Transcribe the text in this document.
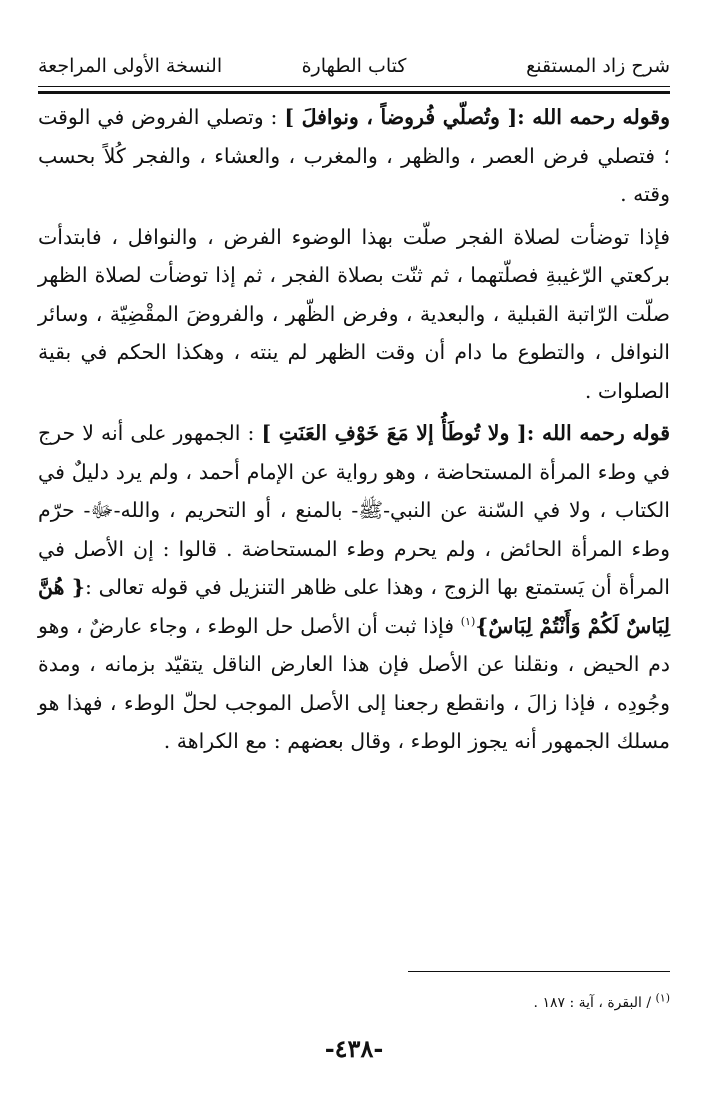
شرح زاد المستقنع
كتاب الطهارة
النسخة الأولى المراجعة

وقوله رحمه الله :[ وتُصلّي فُروضاً ، ونوافلَ ] : وتصلي الفروض في الوقت ؛ فتصلي فرض العصر ، والظهر ، والمغرب ، والعشاء ، والفجر كُلاً بحسب وقته .

فإذا توضأت لصلاة الفجر صلّت بهذا الوضوء الفرض ، والنوافل ، فابتدأت بركعتي الرّغيبةِ فصلّتهما ، ثم ثنّت بصلاة الفجر ، ثم إذا توضأت لصلاة الظهر صلّت الرّاتبة القبلية ، والبعدية ، وفرض الظّهر ، والفروضَ المقْضِيّة ، وسائر النوافل ، والتطوع ما دام أن وقت الظهر لم ينته ، وهكذا الحكم في بقية الصلوات .

قوله رحمه الله :[ ولا تُوطَأُ إلا مَعَ خَوْفِ العَنَتِ ] : الجمهور على أنه لا حرج في وطء المرأة المستحاضة ، وهو رواية عن الإمام أحمد ، ولم يرد دليلٌ في الكتاب ، ولا في السّنة عن النبي-ﷺ- بالمنع ، أو التحريم ، والله-ﷻ- حرّم وطء المرأة الحائض ، ولم يحرم وطء المستحاضة . قالوا : إن الأصل في المرأة أن يَستمتع بها الزوج ، وهذا على ظاهر التنزيل في قوله تعالى :{ هُنَّ لِبَاسٌ لَكُمْ وَأَنْتُمْ لِبَاسٌ}$^{(١)}$ فإذا ثبت أن الأصل حل الوطء ، وجاء عارضٌ ، وهو دم الحيض ، ونقلنا عن الأصل فإن هذا العارض الناقل يتقيّد بزمانه ، ومدة وجُودِه ، فإذا زالَ ، وانقطع رجعنا إلى الأصل الموجب لحلّ الوطء ، فهذا هو مسلك الجمهور أنه يجوز الوطء ، وقال بعضهم : مع الكراهة .

$^{(١)}$ / البقرة ، آية : ١٨٧ .
-٤٣٨-
